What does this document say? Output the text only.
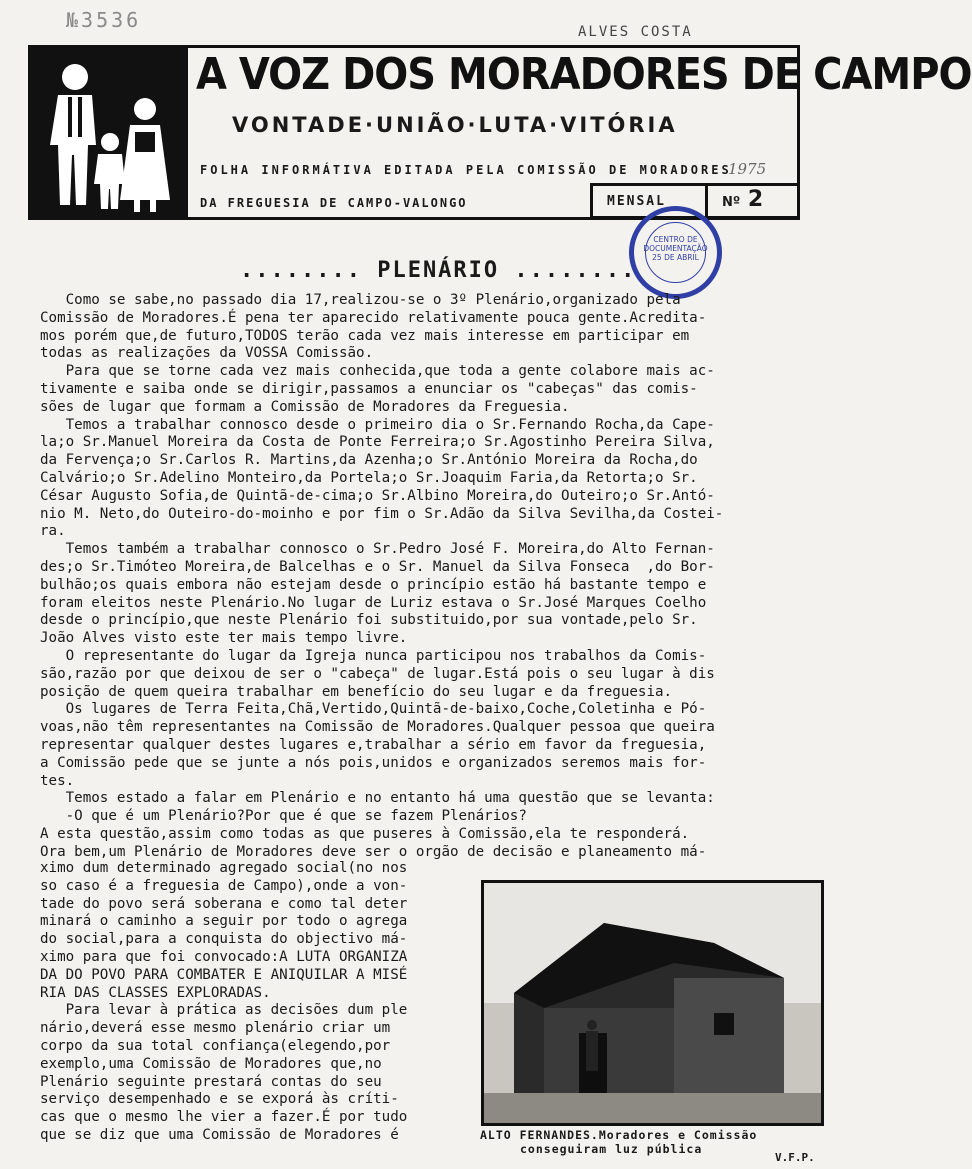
№3536	ALVES COSTA
A VOZ DOS MORADORES DE CAMPO
VONTADE·UNIÃO·LUTA·VITÓRIA
FOLHA INFORMÁTIVA EDITADA PELA COMISSÃO DE MORADORES
DA FREGUESIA DE CAMPO-VALONGO
1975
MENSAL	Nº 2
CENTRO DE
DOCUMENTAÇÃO
25 DE ABRIL
........ PLENÁRIO ........

Como se sabe,no passado dia 17,realizou-se o 3º Plenário,organizado pela

Comissão de Moradores.É pena ter aparecido relativamente pouca gente.Acredita-

mos porém que,de futuro,TODOS terão cada vez mais interesse em participar em

todas as realizações da VOSSA Comissão.

Para que se torne cada vez mais conhecida,que toda a gente colabore mais ac-

tivamente e saiba onde se dirigir,passamos a enunciar os "cabeças" das comis-

sões de lugar que formam a Comissão de Moradores da Freguesia.

Temos a trabalhar connosco desde o primeiro dia o Sr.Fernando Rocha,da Cape-

la;o Sr.Manuel Moreira da Costa de Ponte Ferreira;o Sr.Agostinho Pereira Silva,

da Fervença;o Sr.Carlos R. Martins,da Azenha;o Sr.António Moreira da Rocha,do

Calvário;o Sr.Adelino Monteiro,da Portela;o Sr.Joaquim Faria,da Retorta;o Sr.

César Augusto Sofia,de Quintã-de-cima;o Sr.Albino Moreira,do Outeiro;o Sr.Antó-

nio M. Neto,do Outeiro-do-moinho e por fim o Sr.Adão da Silva Sevilha,da Costei-

ra.

Temos também a trabalhar connosco o Sr.Pedro José F. Moreira,do Alto Fernan-

des;o Sr.Timóteo Moreira,de Balcelhas e o Sr. Manuel da Silva Fonseca  ,do Bor-

bulhão;os quais embora não estejam desde o princípio estão há bastante tempo e

foram eleitos neste Plenário.No lugar de Luriz estava o Sr.José Marques Coelho

desde o princípio,que neste Plenário foi substituido,por sua vontade,pelo Sr.

João Alves visto este ter mais tempo livre.

O representante do lugar da Igreja nunca participou nos trabalhos da Comis-

são,razão por que deixou de ser o "cabeça" de lugar.Está pois o seu lugar à dis

posição de quem queira trabalhar em benefício do seu lugar e da freguesia.

Os lugares de Terra Feita,Chã,Vertido,Quintã-de-baixo,Coche,Coletinha e Pó-

voas,não têm representantes na Comissão de Moradores.Qualquer pessoa que queira

representar qualquer destes lugares e,trabalhar a sério em favor da freguesia,

a Comissão pede que se junte a nós pois,unidos e organizados seremos mais for-

tes.

Temos estado a falar em Plenário e no entanto há uma questão que se levanta:

-O que é um Plenário?Por que é que se fazem Plenários?

A esta questão,assim como todas as que puseres à Comissão,ela te responderá.

Ora bem,um Plenário de Moradores deve ser o orgão de decisão e planeamento má-

ximo dum determinado agregado social(no nos

so caso é a freguesia de Campo),onde a von-

tade do povo será soberana e como tal deter

minará o caminho a seguir por todo o agrega

do social,para a conquista do objectivo má-

ximo para que foi convocado:A LUTA ORGANIZA

DA DO POVO PARA COMBATER E ANIQUILAR A MISÉ

RIA DAS CLASSES EXPLORADAS.

Para levar à prática as decisões dum ple

nário,deverá esse mesmo plenário criar um

corpo da sua total confiança(elegendo,por

exemplo,uma Comissão de Moradores que,no

Plenário seguinte prestará contas do seu

serviço desempenhado e se exporá às críti-

cas que o mesmo lhe vier a fazer.É por tudo

que se diz que uma Comissão de Moradores é	ALTO FERNANDES.Moradores e Comissão
conseguiram luz pública
V.F.P.
